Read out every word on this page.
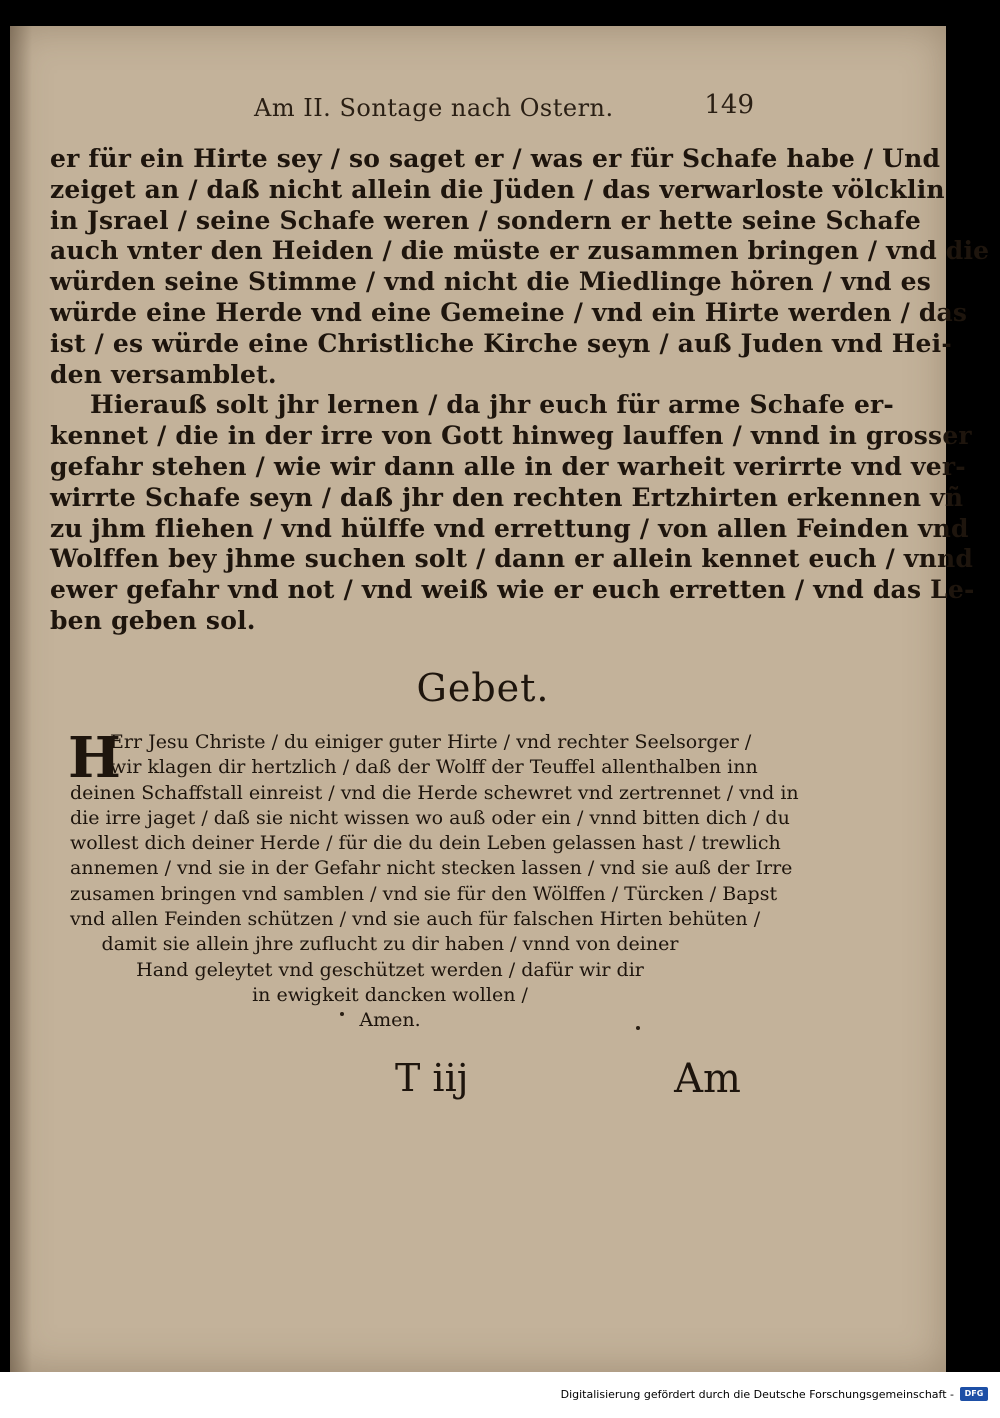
Am II. Sontage nach Ostern.	149
er für ein Hirte sey / so saget er / was er für Schafe habe / Und
zeiget an / daß nicht allein die Jüden / das verwarloste völcklin
in Jsrael / seine Schafe weren / sondern er hette seine Schafe
auch vnter den Heiden / die müste er zusammen bringen / vnd die
würden seine Stimme / vnd nicht die Miedlinge hören / vnd es
würde eine Herde vnd eine Gemeine / vnd ein Hirte werden / das
ist / es würde eine Christliche Kirche seyn / auß Juden vnd Hei-
den versamblet.
Hierauß solt jhr lernen / da jhr euch für arme Schafe er-
kennet / die in der irre von Gott hinweg lauffen / vnnd in grosser
gefahr stehen / wie wir dann alle in der warheit verirrte vnd ver-
wirrte Schafe seyn / daß jhr den rechten Ertzhirten erkennen vñ
zu jhm fliehen / vnd hülffe vnd errettung / von allen Feinden vnd
Wolffen bey jhme suchen solt / dann er allein kennet euch / vnnd
ewer gefahr vnd not / vnd weiß wie er euch erretten / vnd das Le-
ben geben sol.
Gebet.
H
Err Jesu Christe / du einiger guter Hirte / vnd rechter Seelsorger /
wir klagen dir hertzlich / daß der Wolff der Teuffel allenthalben inn
deinen Schaffstall einreist / vnd die Herde schewret vnd zertrennet / vnd in
die irre jaget / daß sie nicht wissen wo auß oder ein / vnnd bitten dich / du
wollest dich deiner Herde / für die du dein Leben gelassen hast / trewlich
annemen / vnd sie in der Gefahr nicht stecken lassen / vnd sie auß der Irre
zusamen bringen vnd samblen / vnd sie für den Wölffen / Türcken / Bapst
vnd allen Feinden schützen / vnd sie auch für falschen Hirten behüten /
damit sie allein jhre zuflucht zu dir haben / vnnd von deiner
Hand geleytet vnd geschützet werden / dafür wir dir
in ewigkeit dancken wollen /
Amen.
T iij	Am
Digitalisierung gefördert durch die Deutsche Forschungsgemeinschaft -	DFG
